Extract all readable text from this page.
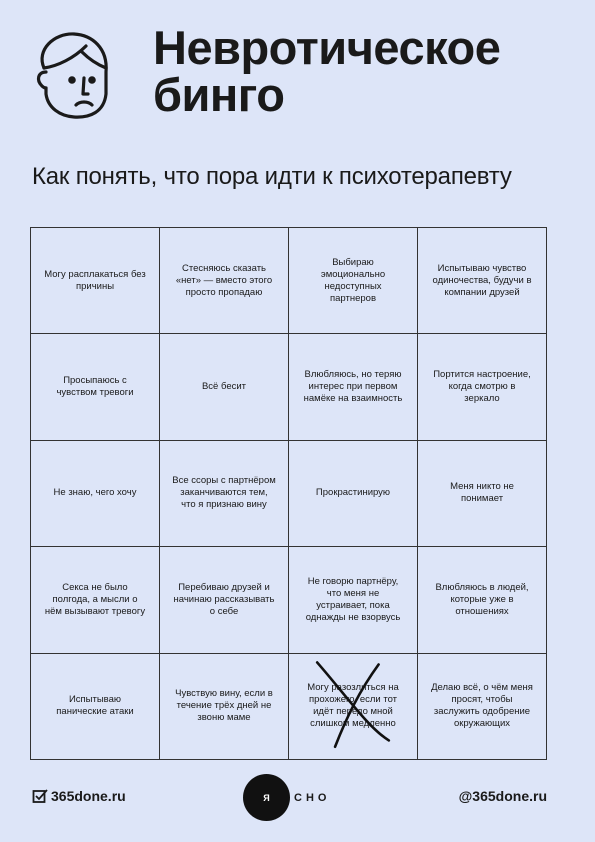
Невротическое бинго

Как понять, что пора идти к психотерапевту

Могу расплакаться без причины
Стесняюсь сказать «нет» — вместо этого просто пропадаю
Выбираю эмоционально недоступных партнеров
Испытываю чувство одиночества, будучи в компании друзей
Просыпаюсь с чувством тревоги
Всё бесит
Влюбляюсь, но теряю интерес при первом намёке на взаимность
Портится настроение, когда смотрю в зеркало
Не знаю, чего хочу
Все ссоры с партнёром заканчиваются тем, что я признаю вину
Прокрастинирую
Меня никто не понимает
Секса не было полгода, а мысли о нём вызывают тревогу
Перебиваю друзей и начинаю рассказывать о себе
Не говорю партнёру, что меня не устраивает, пока однажды не взорвусь
Влюбляюсь в людей, которые уже в отношениях
Испытываю панические атаки
Чувствую вину, если в течение трёх дней не звоню маме
Могу разозлиться на прохожего, если тот идёт передо мной слишком медленно
Делаю всё, о чём меня просят, чтобы заслужить одобрение окружающих
365done.ru	Я	СНО	@365done.ru
